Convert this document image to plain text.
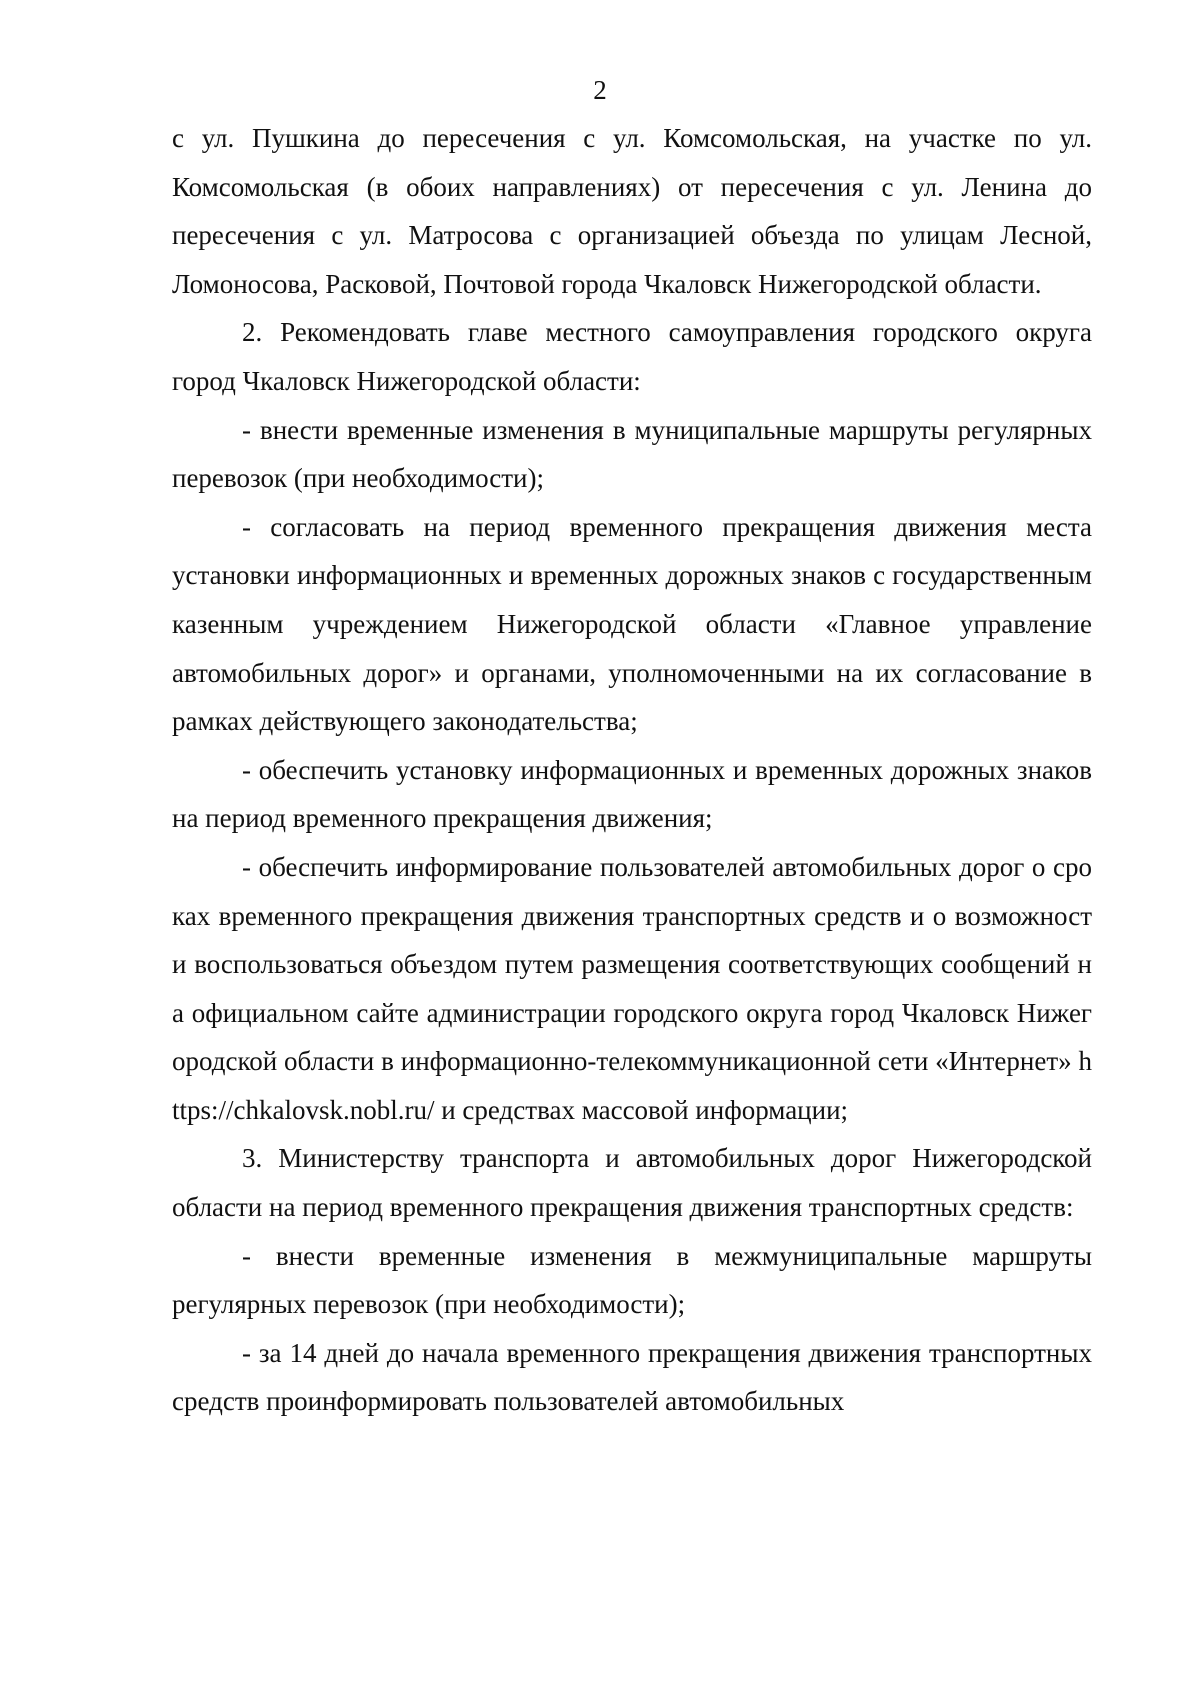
2

с ул. Пушкина до пересечения с ул. Комсомольская, на участке по ул. Комсомольская (в обоих направлениях) от пересечения с ул. Ленина до пересечения с ул. Матросова с организацией объезда по улицам Лесной, Ломоносова, Расковой, Почтовой города Чкаловск Нижегородской области.

2. Рекомендовать главе местного самоуправления городского округа город Чкаловск Нижегородской области:

- внести временные изменения в муниципальные маршруты регулярных перевозок (при необходимости);

- согласовать на период временного прекращения движения места установки информационных и временных дорожных знаков с государственным казенным учреждением Нижегородской области «Главное управление автомобильных дорог» и органами, уполномоченными на их согласование в рамках действующего законодательства;

- обеспечить установку информационных и временных дорожных знаков на период временного прекращения движения;

- обеспечить информирование пользователей автомобильных дорог о сроках временного прекращения движения транспортных средств и о возможности воспользоваться объездом путем размещения соответствующих сообщений на официальном сайте администрации городского округа город Чкаловск Нижегородской области в информационно-телекоммуникационной сети «Интернет» https://chkalovsk.nobl.ru/ и средствах массовой информации;

3. Министерству транспорта и автомобильных дорог Нижегородской области на период временного прекращения движения транспортных средств:

- внести временные изменения в межмуниципальные маршруты регулярных перевозок (при необходимости);

- за 14 дней до начала временного прекращения движения транспортных средств проинформировать пользователей автомобильных
